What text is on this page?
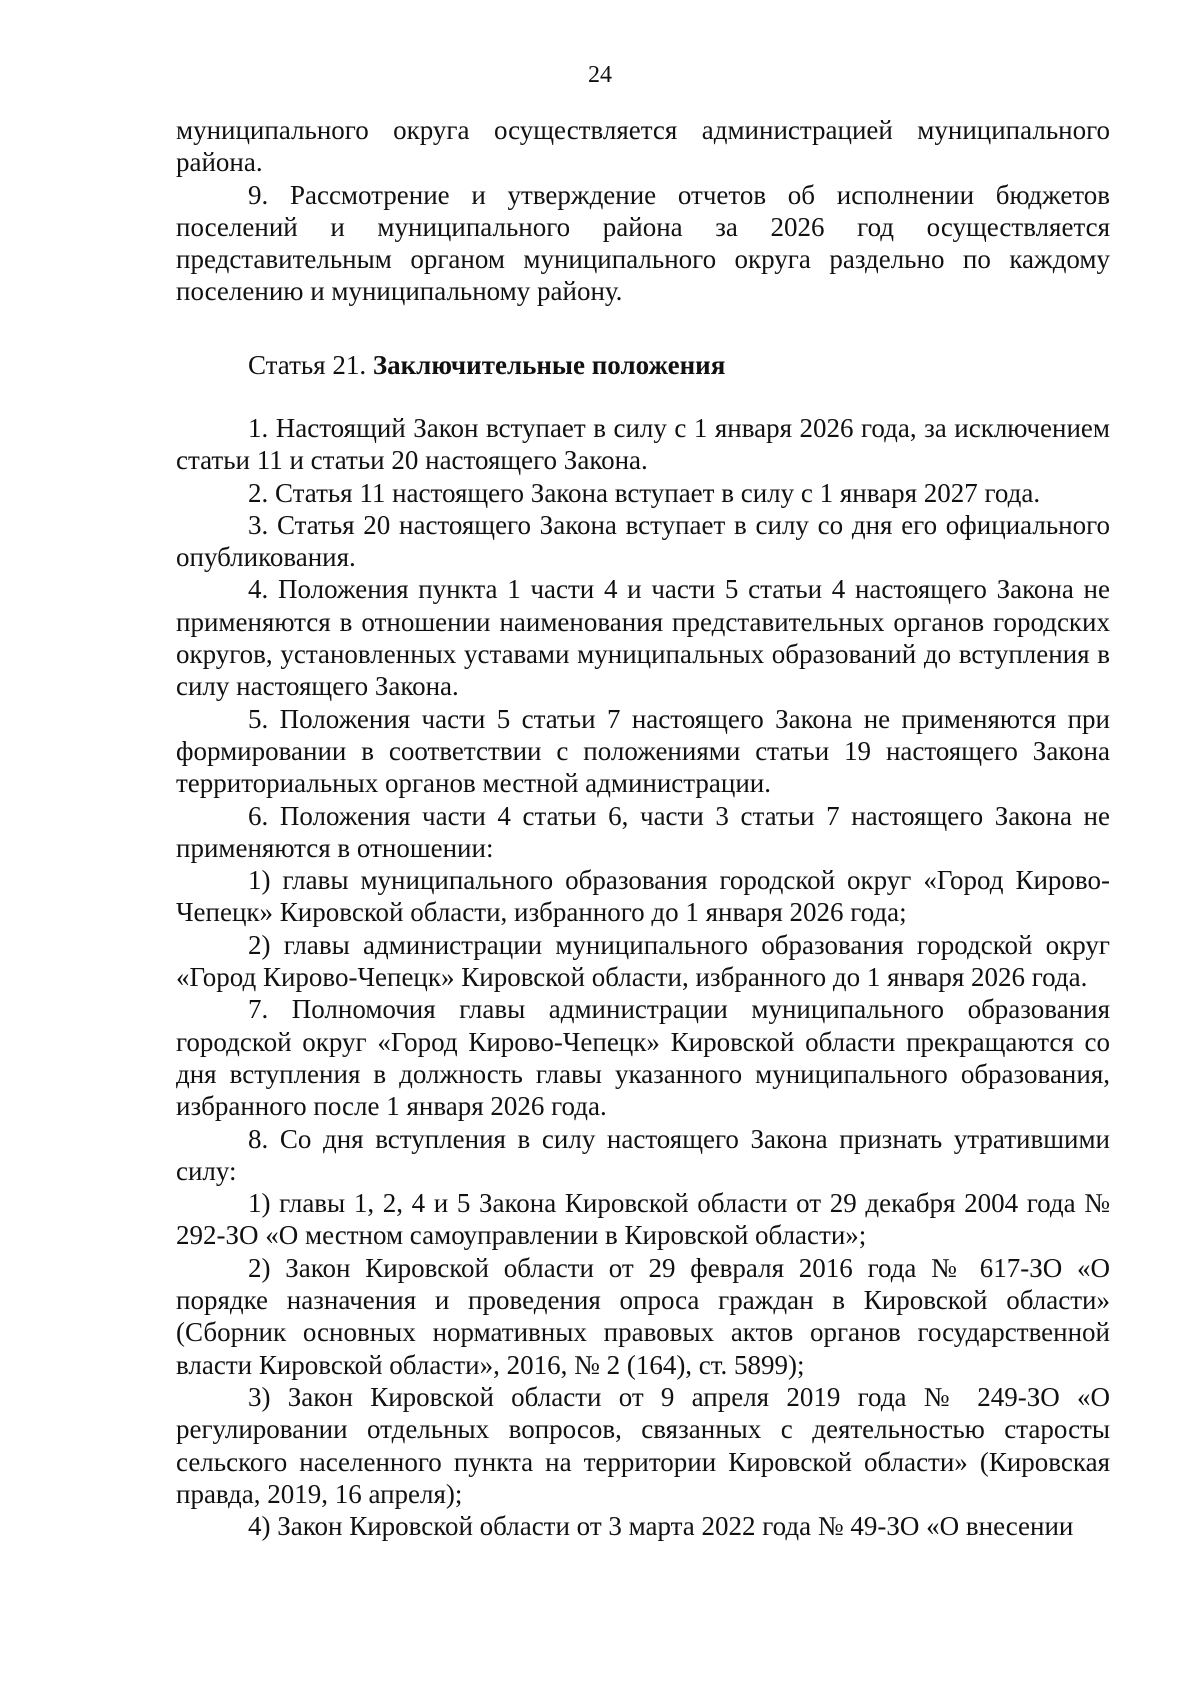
24

муниципального округа осуществляется администрацией муниципального района.

9. Рассмотрение и утверждение отчетов об исполнении бюджетов поселений и муниципального района за 2026 год осуществляется представительным органом муниципального округа раздельно по каждому поселению и муниципальному району.

Статья 21. Заключительные положения

1. Настоящий Закон вступает в силу с 1 января 2026 года, за исключением статьи 11 и статьи 20 настоящего Закона.

2. Статья 11 настоящего Закона вступает в силу с 1 января 2027 года.

3. Статья 20 настоящего Закона вступает в силу со дня его официального опубликования.

4. Положения пункта 1 части 4 и части 5 статьи 4 настоящего Закона не применяются в отношении наименования представительных органов городских округов, установленных уставами муниципальных образований до вступления в силу настоящего Закона.

5. Положения части 5 статьи 7 настоящего Закона не применяются при формировании в соответствии с положениями статьи 19 настоящего Закона территориальных органов местной администрации.

6. Положения части 4 статьи 6, части 3 статьи 7 настоящего Закона не применяются в отношении:

1) главы муниципального образования городской округ «Город Кирово-Чепецк» Кировской области, избранного до 1 января 2026 года;

2) главы администрации муниципального образования городской округ «Город Кирово-Чепецк» Кировской области, избранного до 1 января 2026 года.

7. Полномочия главы администрации муниципального образования городской округ «Город Кирово-Чепецк» Кировской области прекращаются со дня вступления в должность главы указанного муниципального образования, избранного после 1 января 2026 года.

8. Со дня вступления в силу настоящего Закона признать утратившими силу:

1) главы 1, 2, 4 и 5 Закона Кировской области от 29 декабря 2004 года № 292-ЗО «О местном самоуправлении в Кировской области»;

2) Закон Кировской области от 29 февраля 2016 года № 617-ЗО «О порядке назначения и проведения опроса граждан в Кировской области» (Сборник основных нормативных правовых актов органов государственной власти Кировской области», 2016, № 2 (164), ст. 5899);

3) Закон Кировской области от 9 апреля 2019 года № 249-ЗО «О регулировании отдельных вопросов, связанных с деятельностью старосты сельского населенного пункта на территории Кировской области» (Кировская правда, 2019, 16 апреля);

4) Закон Кировской области от 3 марта 2022 года № 49-ЗО «О внесении
